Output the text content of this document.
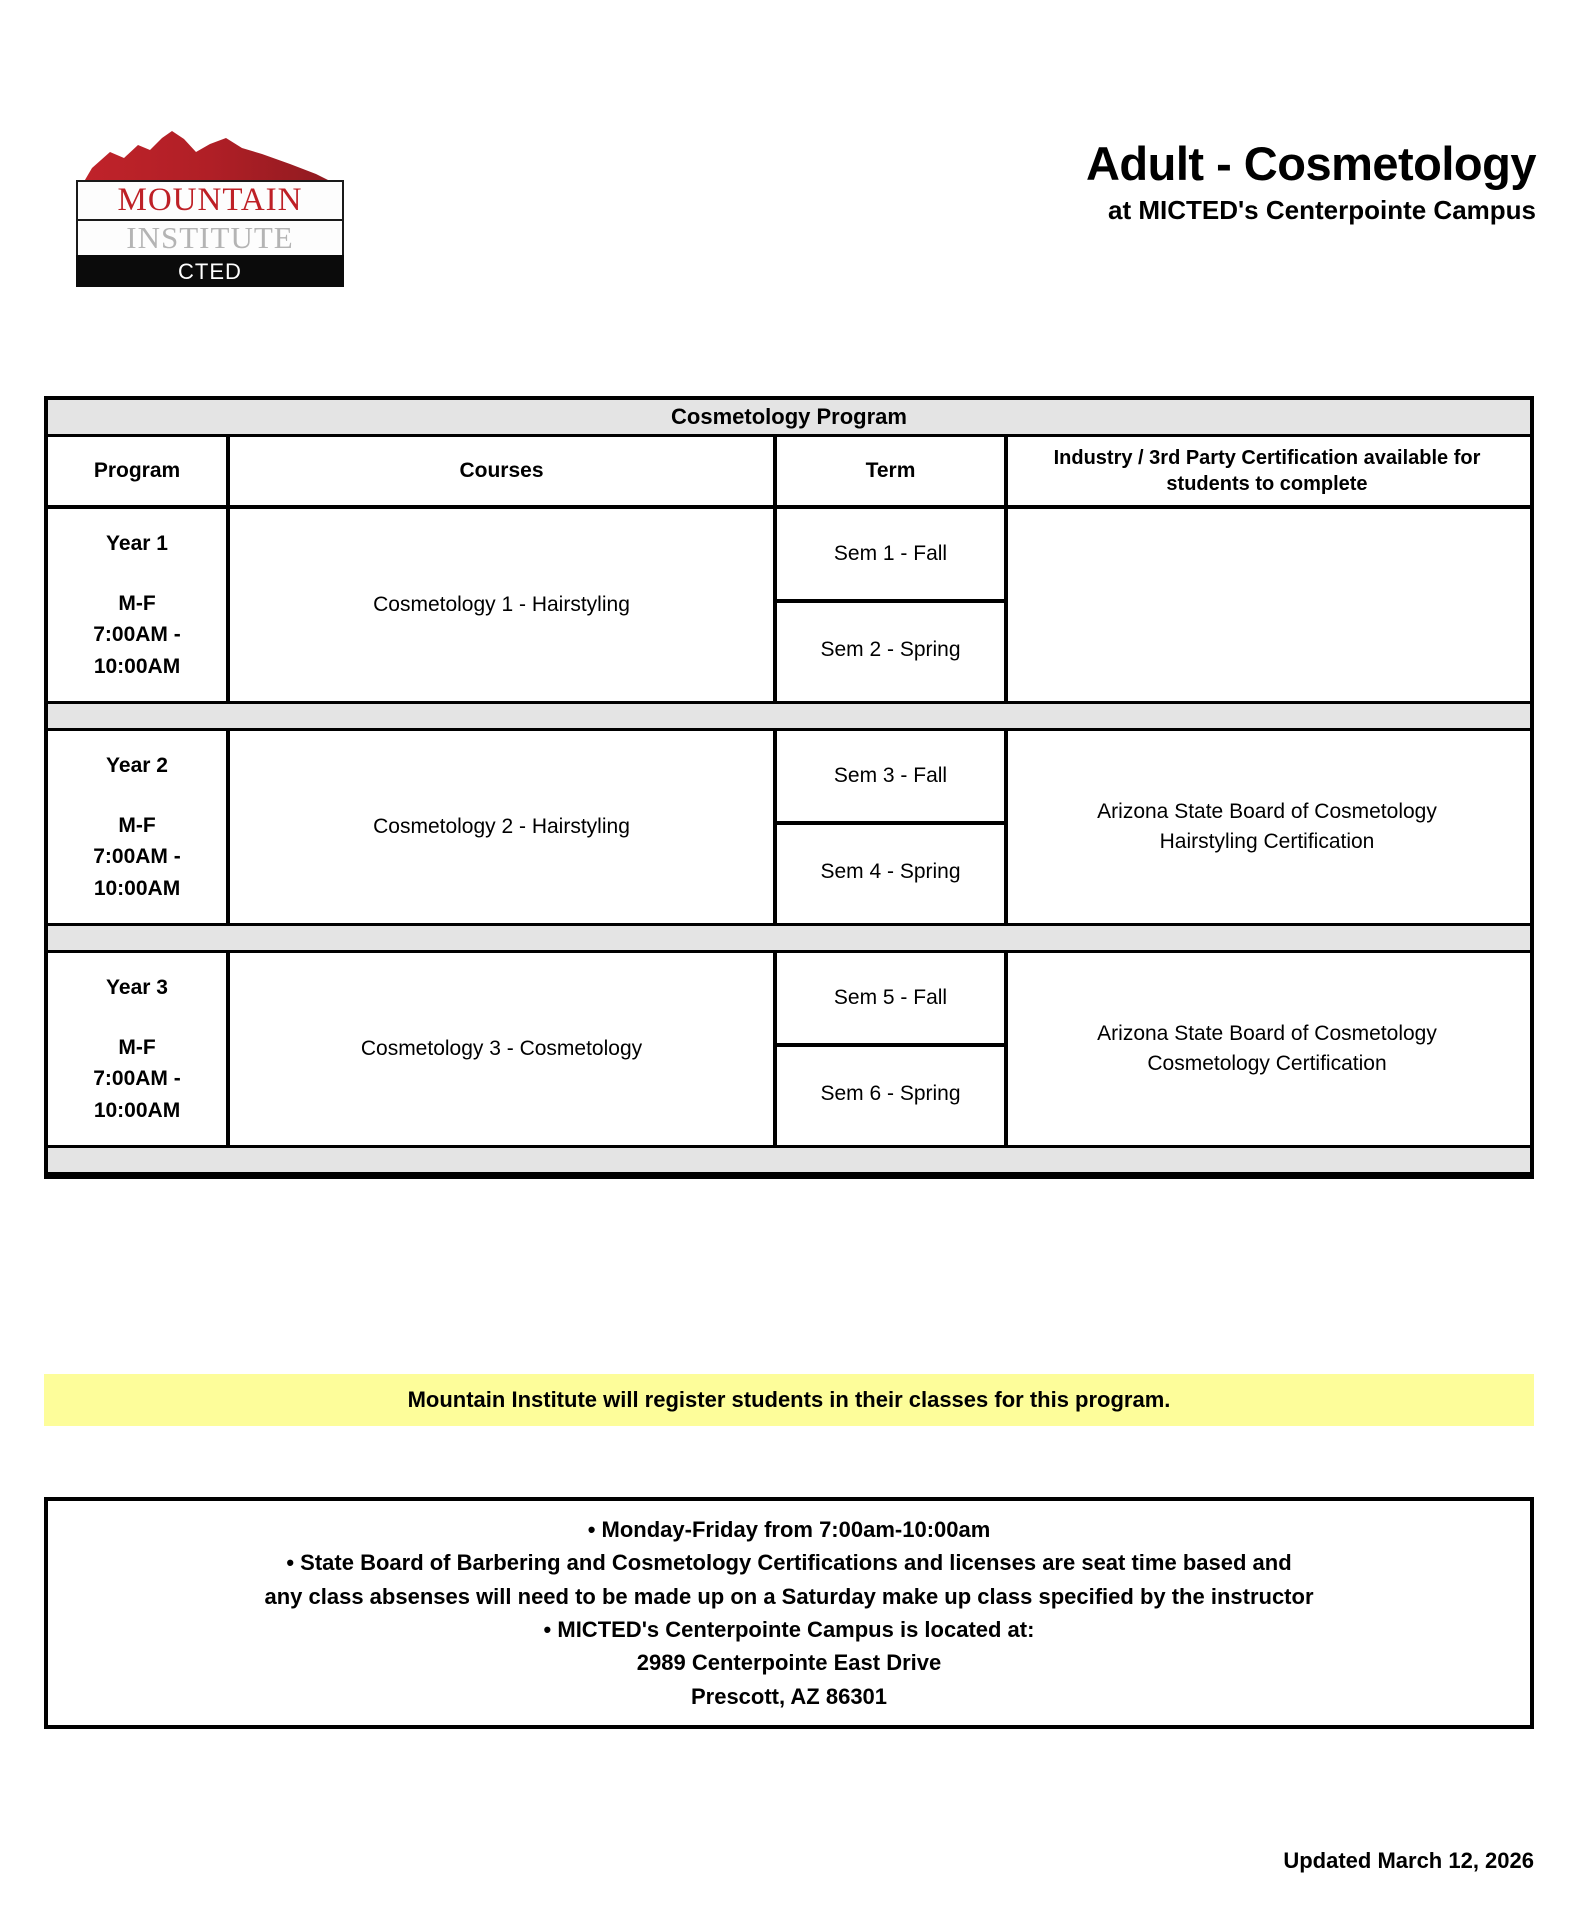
MOUNTAIN
INSTITUTE
CTED
Adult - Cosmetology
at MICTED's Centerpointe Campus
Cosmetology Program
Program	Courses	Term
Industry / 3rd Party Certification available for
students to complete
Year 1
M-F
7:00AM -
10:00AM
Cosmetology 1 - Hairstyling
Sem 1 - Fall
Sem 2 - Spring
Year 2
M-F
7:00AM -
10:00AM
Cosmetology 2 - Hairstyling
Sem 3 - Fall
Sem 4 - Spring
Arizona State Board of Cosmetology
Hairstyling Certification
Year 3
M-F
7:00AM -
10:00AM
Cosmetology 3 - Cosmetology
Sem 5 - Fall
Sem 6 - Spring
Arizona State Board of Cosmetology
Cosmetology Certification
Mountain Institute will register students in their classes for this program.
• Monday-Friday from 7:00am-10:00am
• State Board of Barbering and Cosmetology Certifications and licenses are seat time based and
any class absenses will need to be made up on a Saturday make up class specified by the instructor
• MICTED's Centerpointe Campus is located at:
2989 Centerpointe East Drive
Prescott, AZ 86301
Updated March 12, 2026
